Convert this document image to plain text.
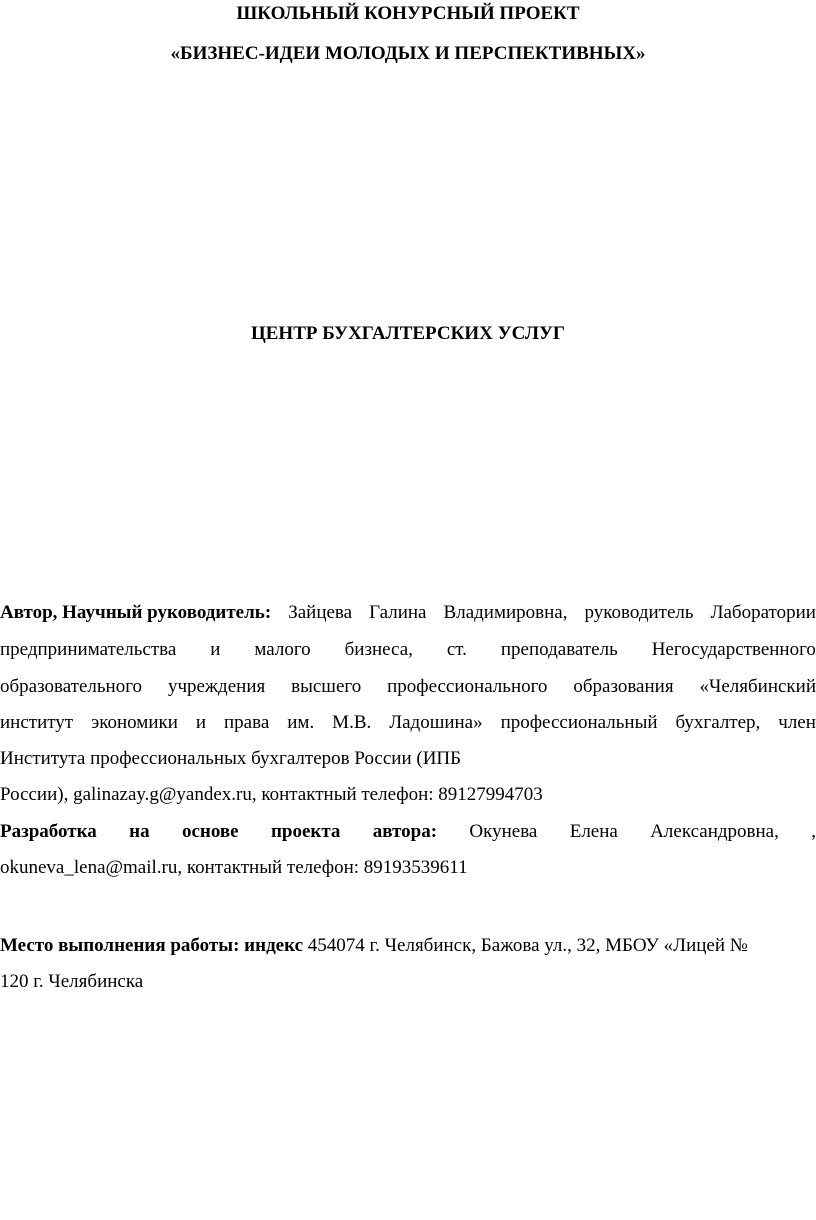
ШКОЛЬНЫЙ КОНУРСНЫЙ ПРОЕКТ
«БИЗНЕС-ИДЕИ МОЛОДЫХ И ПЕРСПЕКТИВНЫХ»
ЦЕНТР БУХГАЛТЕРСКИХ УСЛУГ
Автор, Научный руководитель: Зайцева Галина Владимировна, руководитель Лаборатории
предпринимательства и малого бизнеса, ст. преподаватель Негосударственного
образовательного учреждения высшего профессионального образования «Челябинский
институт экономики и права им. М.В. Ладошина» профессиональный бухгалтер, член
Института профессиональных бухгалтеров России (ИПБ
России), galinazay.g@yandex.ru, контактный телефон: 89127994703
Разработка на основе проекта автора: Окунева Елена Александровна, ,
okuneva_lena@mail.ru, контактный телефон: 89193539611
Место выполнения работы: индекс 454074 г. Челябинск, Бажова ул., 32, МБОУ «Лицей №
120 г. Челябинска
